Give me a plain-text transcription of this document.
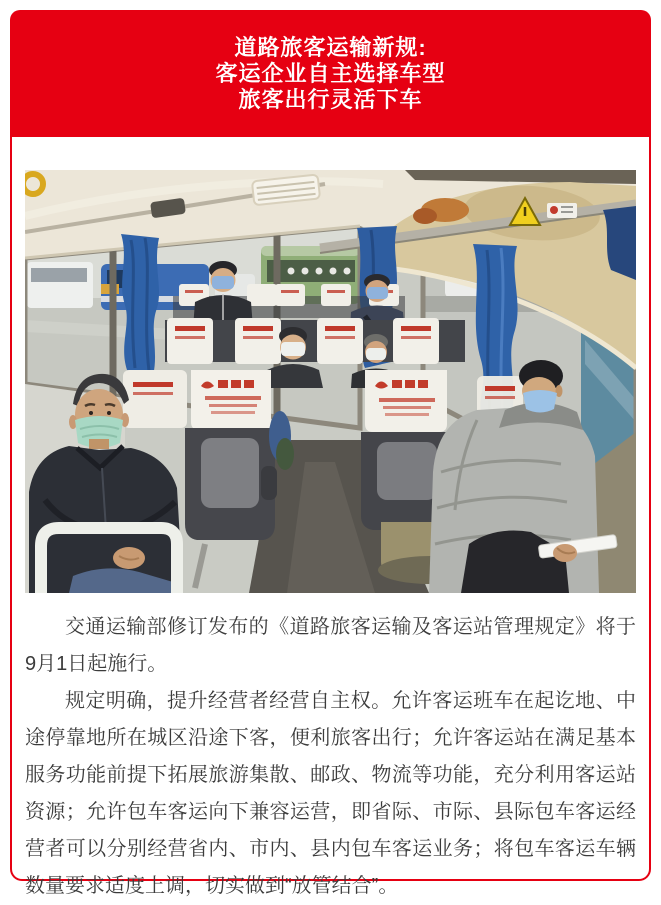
道路旅客运输新规:
客运企业自主选择车型
旅客出行灵活下车

交通运输部修订发布的《道路旅客运输及客运站管理规定》将于9月1日起施行。

规定明确，提升经营者经营自主权。允许客运班车在起讫地、中途停靠地所在城区沿途下客，便利旅客出行；允许客运站在满足基本服务功能前提下拓展旅游集散、邮政、物流等功能，充分利用客运站资源；允许包车客运向下兼容运营，即省际、市际、县际包车客运经营者可以分别经营省内、市内、县内包车客运业务；将包车客运车辆数量要求适度上调，切实做到“放管结合”。
